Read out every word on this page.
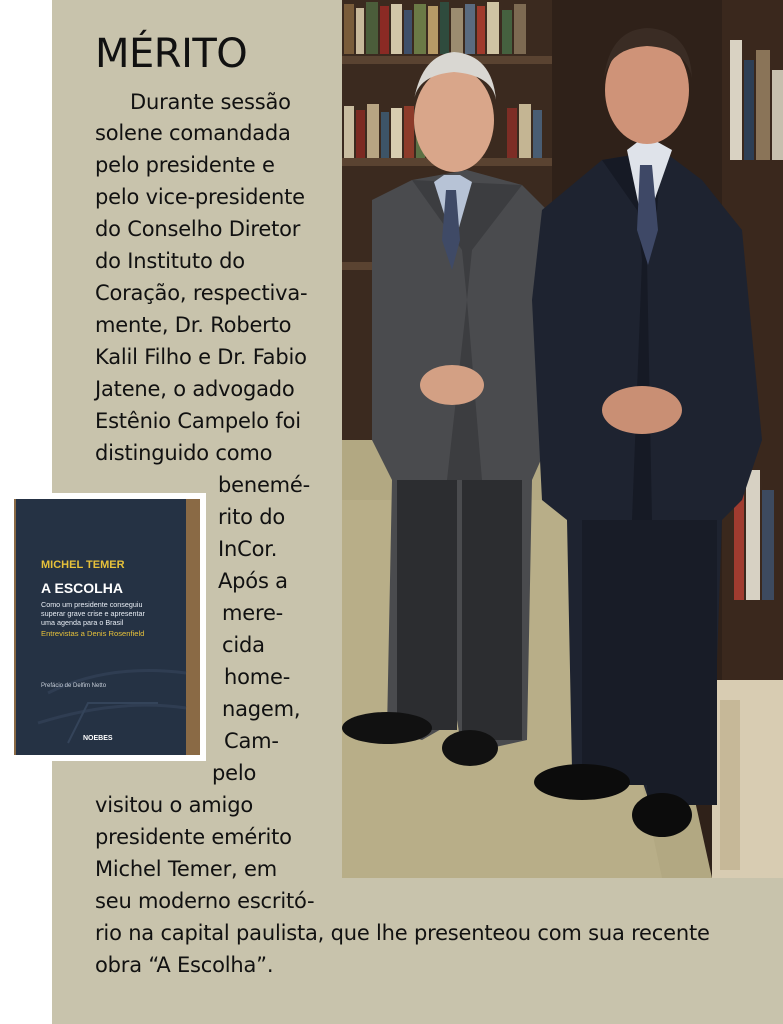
MÉRITO
Durante sessão
solene comandada
pelo presidente e
pelo vice-presidente
do Conselho Diretor
do Instituto do
Coração, respectiva-
mente, Dr. Roberto
Kalil Filho e Dr. Fabio
Jatene, o advogado
Estênio Campelo foi
distinguido como
benemé-
rito do
InCor.
Após a
mere-
cida
home-
nagem,
Cam-
pelo
visitou o amigo
presidente emérito
Michel Temer, em
seu moderno escritó-
rio na capital paulista, que lhe presenteou com sua recente
obra “A Escolha”.
MICHEL TEMER
A ESCOLHA
Como um presidente conseguiu
superar grave crise e apresentar
uma agenda para o Brasil
Entrevistas a Denis Rosenfield
Prefácio de Delfim Netto
NOEBES
